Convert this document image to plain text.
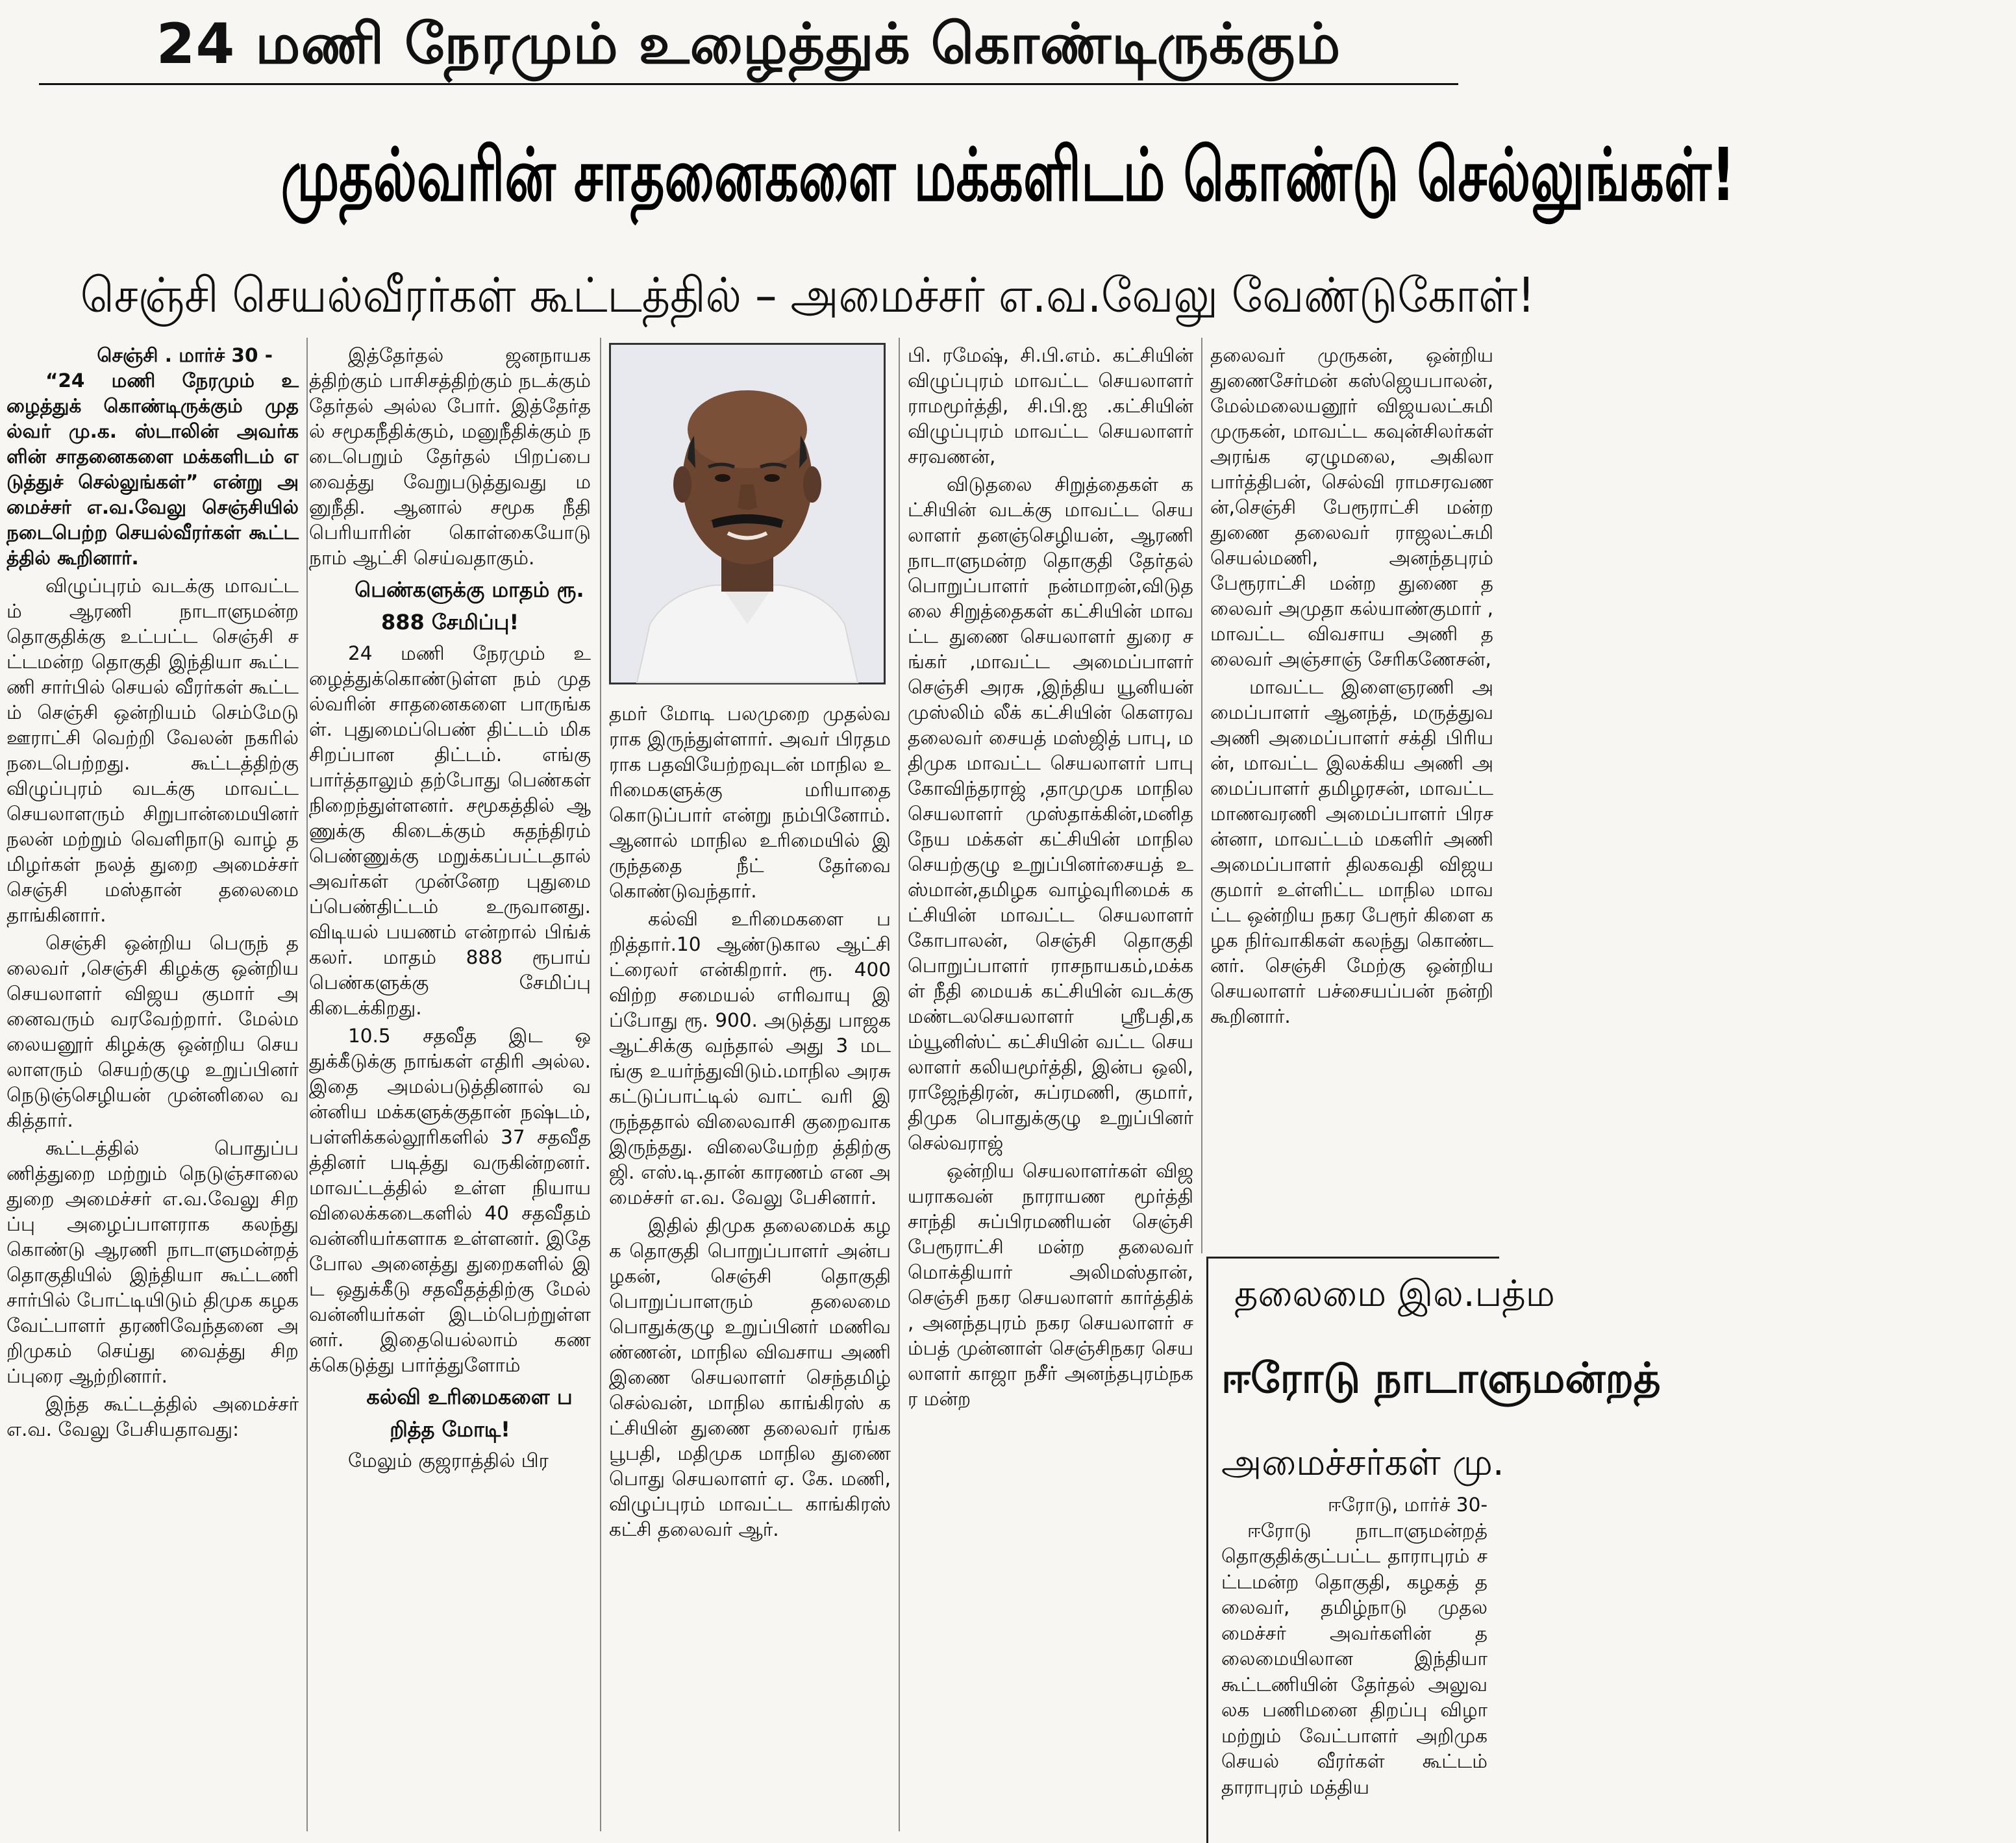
24 மணி நேரமும் உழைத்துக் கொண்டிருக்கும்
முதல்வரின் சாதனைகளை மக்களிடம் கொண்டு செல்லுங்கள்!
செஞ்சி செயல்வீரர்கள் கூட்டத்தில் – அமைச்சர் எ.வ.வேலு வேண்டுகோள்!
செஞ்சி . மார்ச் 30 -

“24 மணி நேரமும் உழைத்துக் கொண்டிருக்கும் முதல்வர் மு.க. ஸ்டாலின் அவர்களின் சாதனைகளை மக்களிடம் எடுத்துச் செல்லுங்கள்” என்று அமைச்சர் எ.வ.வேலு செஞ்சியில் நடைபெற்ற செயல்வீரர்கள் கூட்டத்தில் கூறினார்.

விழுப்புரம் வடக்கு மாவட்டம் ஆரணி நாடாளுமன்ற தொகுதிக்கு உட்பட்ட செஞ்சி சட்டமன்ற தொகுதி இந்தியா கூட்டணி சார்பில் செயல் வீரர்கள் கூட்டம் செஞ்சி ஒன்றியம் செம்மேடு ஊராட்சி வெற்றி வேலன் நகரில் நடைபெற்றது. கூட்டத்திற்கு விழுப்புரம் வடக்கு மாவட்ட செயலாளரும் சிறுபான்மையினர் நலன் மற்றும் வெளிநாடு வாழ் தமிழர்கள் நலத் துறை அமைச்சர் செஞ்சி மஸ்தான் தலைமை தாங்கினார்.

செஞ்சி ஒன்றிய பெருந் தலைவர் ,செஞ்சி கிழக்கு ஒன்றிய செயலாளர் விஜய குமார் அனைவரும் வரவேற்றார். மேல்மலையனூர் கிழக்கு ஒன்றிய செயலாளரும் செயற்குழு உறுப்பினர் நெடுஞ்செழியன் முன்னிலை வகித்தார்.

கூட்டத்தில் பொதுப்பணித்துறை மற்றும் நெடுஞ்சாலை துறை அமைச்சர் எ.வ.வேலு சிறப்பு அழைப்பாளராக கலந்து கொண்டு ஆரணி நாடாளுமன்றத் தொகுதியில் இந்தியா கூட்டணி சார்பில் போட்டியிடும் திமுக கழக வேட்பாளர் தரணிவேந்தனை அறிமுகம் செய்து வைத்து சிறப்புரை ஆற்றினார்.

இந்த கூட்டத்தில் அமைச்சர் எ.வ. வேலு பேசியதாவது:

இத்தேர்தல் ஜனநாயகத்திற்கும் பாசிசத்திற்கும் நடக்கும் தேர்தல் அல்ல போர். இத்தேர்தல் சமூகநீதிக்கும், மனுநீதிக்கும் நடைபெறும் தேர்தல் பிறப்பை வைத்து வேறுபடுத்துவது மனுநீதி. ஆனால் சமூக நீதி பெரியாரின் கொள்கையோடு நாம் ஆட்சி செய்வதாகும்.

பெண்களுக்கு மாதம் ரூ.888 சேமிப்பு!

24 மணி நேரமும் உழைத்துக்கொண்டுள்ள நம் முதல்வரின் சாதனைகளை பாருங்கள். புதுமைப்பெண் திட்டம் மிக சிறப்பான திட்டம். எங்கு பார்த்தாலும் தற்போது பெண்கள் நிறைந்துள்ளனர். சமூகத்தில் ஆணுக்கு கிடைக்கும் சுதந்திரம் பெண்ணுக்கு மறுக்கப்பட்டதால் அவர்கள் முன்னேற புதுமை ப்பெண்திட்டம் உருவானது. விடியல் பயணம் என்றால் பிங்க் கலர். மாதம் 888 ரூபாய் பெண்களுக்கு சேமிப்பு கிடைக்கிறது.

10.5 சதவீத இட ஒதுக்கீடுக்கு நாங்கள் எதிரி அல்ல. இதை அமல்படுத்தினால் வன்னிய மக்களுக்குதான் நஷ்டம், பள்ளிக்கல்லூரிகளில் 37 சதவீதத்தினர் படித்து வருகின்றனர். மாவட்டத்தில் உள்ள நியாய விலைக்கடைகளில் 40 சதவீதம் வன்னியர்களாக உள்ளனர். இதே போல அனைத்து துறைகளில் இட ஒதுக்கீடு சதவீதத்திற்கு மேல் வன்னியர்கள் இடம்பெற்றுள்ளனர். இதையெல்லாம் கணக்கெடுத்து பார்த்துளோம்

கல்வி உரிமைகளை பறித்த மோடி!

மேலும் குஜராத்தில் பிர

தமர் மோடி பலமுறை முதல்வராக இருந்துள்ளார். அவர் பிரதமராக பதவியேற்றவுடன் மாநில உரிமைகளுக்கு மரியாதை கொடுப்பார் என்று நம்பினோம். ஆனால் மாநில உரிமையில் இருந்ததை நீட் தேர்வை கொண்டுவந்தார்.

கல்வி உரிமைகளை பறித்தார்.10 ஆண்டுகால ஆட்சி ட்ரைலர் என்கிறார். ரூ. 400 விற்ற சமையல் எரிவாயு இப்போது ரூ. 900. அடுத்து பாஜக ஆட்சிக்கு வந்தால் அது 3 மடங்கு உயர்ந்துவிடும்.மாநில அரசு கட்டுப்பாட்டில் வாட் வரி இருந்ததால் விலைவாசி குறைவாக இருந்தது. விலையேற்ற த்திற்கு ஜி. எஸ்.டி.தான் காரணம் என அமைச்சர் எ.வ. வேலு பேசினார்.

இதில் திமுக தலைமைக் கழக தொகுதி பொறுப்பாளர் அன்பழகன், செஞ்சி தொகுதி பொறுப்பாளரும் தலைமை பொதுக்குழு உறுப்பினர் மணிவண்ணன், மாநில விவசாய அணி இணை செயலாளர் செந்தமிழ் செல்வன், மாநில காங்கிரஸ் கட்சியின் துணை தலைவர் ரங்க பூபதி, மதிமுக மாநில துணை பொது செயலாளர் ஏ. கே. மணி, விழுப்புரம் மாவட்ட காங்கிரஸ் கட்சி தலைவர் ஆர்.

பி. ரமேஷ், சி.பி.எம். கட்சியின் விழுப்புரம் மாவட்ட செயலாளர் ராமமூர்த்தி, சி.பி.ஐ .கட்சியின் விழுப்புரம் மாவட்ட செயலாளர் சரவணன்,

விடுதலை சிறுத்தைகள் கட்சியின் வடக்கு மாவட்ட செயலாளர் தனஞ்செழியன், ஆரணி நாடாளுமன்ற தொகுதி தேர்தல் பொறுப்பாளர் நன்மாறன்,விடுதலை சிறுத்தைகள் கட்சியின் மாவட்ட துணை செயலாளர் துரை சங்கர் ,மாவட்ட அமைப்பாளர் செஞ்சி அரசு ,இந்திய யூனியன் முஸ்லிம் லீக் கட்சியின் கௌரவ தலைவர் சையத் மஸ்ஜித் பாபு, மதிமுக மாவட்ட செயலாளர் பாபு கோவிந்தராஜ் ,தாமுமுக மாநில செயலாளர் முஸ்தாக்கின்,மனிதநேய மக்கள் கட்சியின் மாநில செயற்குழு உறுப்பினர்சையத் உஸ்மான்,தமிழக வாழ்வுரிமைக் கட்சியின் மாவட்ட செயலாளர் கோபாலன், செஞ்சி தொகுதி பொறுப்பாளர் ராசநாயகம்,மக்கள் நீதி மையக் கட்சியின் வடக்கு மண்டலசெயலாளர் ஸ்ரீபதி,கம்யூனிஸ்ட் கட்சியின் வட்ட செயலாளர் கலியமூர்த்தி, இன்ப ஒலி, ராஜேந்திரன், சுப்ரமணி, குமார், திமுக பொதுக்குழு உறுப்பினர் செல்வராஜ்

ஒன்றிய செயலாளர்கள் விஜயராகவன் நாராயண மூர்த்தி சாந்தி சுப்பிரமணியன் செஞ்சி பேரூராட்சி மன்ற தலைவர் மொக்தியார் அலிமஸ்தான், செஞ்சி நகர செயலாளர் கார்த்திக் , அனந்தபுரம் நகர செயலாளர் சம்பத் முன்னாள் செஞ்சிநகர செயலாளர் காஜா நசீர் அனந்தபுரம்நகர மன்ற

தலைவர் முருகன், ஒன்றிய துணைசேர்மன் கஸ்ஜெயபாலன், மேல்மலையனூர் விஜயலட்சுமி முருகன், மாவட்ட கவுன்சிலர்கள் அரங்க ஏழுமலை, அகிலா பார்த்திபன், செல்வி ராமசரவணன்,செஞ்சி பேரூராட்சி மன்ற துணை தலைவர் ராஜலட்சுமி செயல்மணி, அனந்தபுரம் பேரூராட்சி மன்ற துணை தலைவர் அமுதா கல்யாண்குமார் ,மாவட்ட விவசாய அணி தலைவர் அஞ்சாஞ் சேரிகணேசன்,

மாவட்ட இளைஞரணி அமைப்பாளர் ஆனந்த், மருத்துவ அணி அமைப்பாளர் சக்தி பிரியன், மாவட்ட இலக்கிய அணி அமைப்பாளர் தமிழரசன், மாவட்ட மாணவரணி அமைப்பாளர் பிரசன்னா, மாவட்டம் மகளிர் அணி அமைப்பாளர் திலகவதி விஜயகுமார் உள்ளிட்ட மாநில மாவட்ட ஒன்றிய நகர பேரூர் கிளை கழக நிர்வாகிகள் கலந்து கொண்டனர். செஞ்சி மேற்கு ஒன்றிய செயலாளர் பச்சையப்பன் நன்றி கூறினார்.

தலைமை இல.பத்ம
ஈரோடு நாடாளுமன்றத்
அமைச்சர்கள் மு.
ஈரோடு, மார்ச் 30-

ஈரோடு நாடாளுமன்றத் தொகுதிக்குட்பட்ட தாராபுரம் சட்டமன்ற தொகுதி, கழகத் தலைவர், தமிழ்நாடு முதலமைச்சர் அவர்களின் தலைமையிலான இந்தியா கூட்டணியின் தேர்தல் அலுவலக பணிமனை திறப்பு விழா மற்றும் வேட்பாளர் அறிமுக செயல் வீரர்கள் கூட்டம் தாராபுரம் மத்திய
